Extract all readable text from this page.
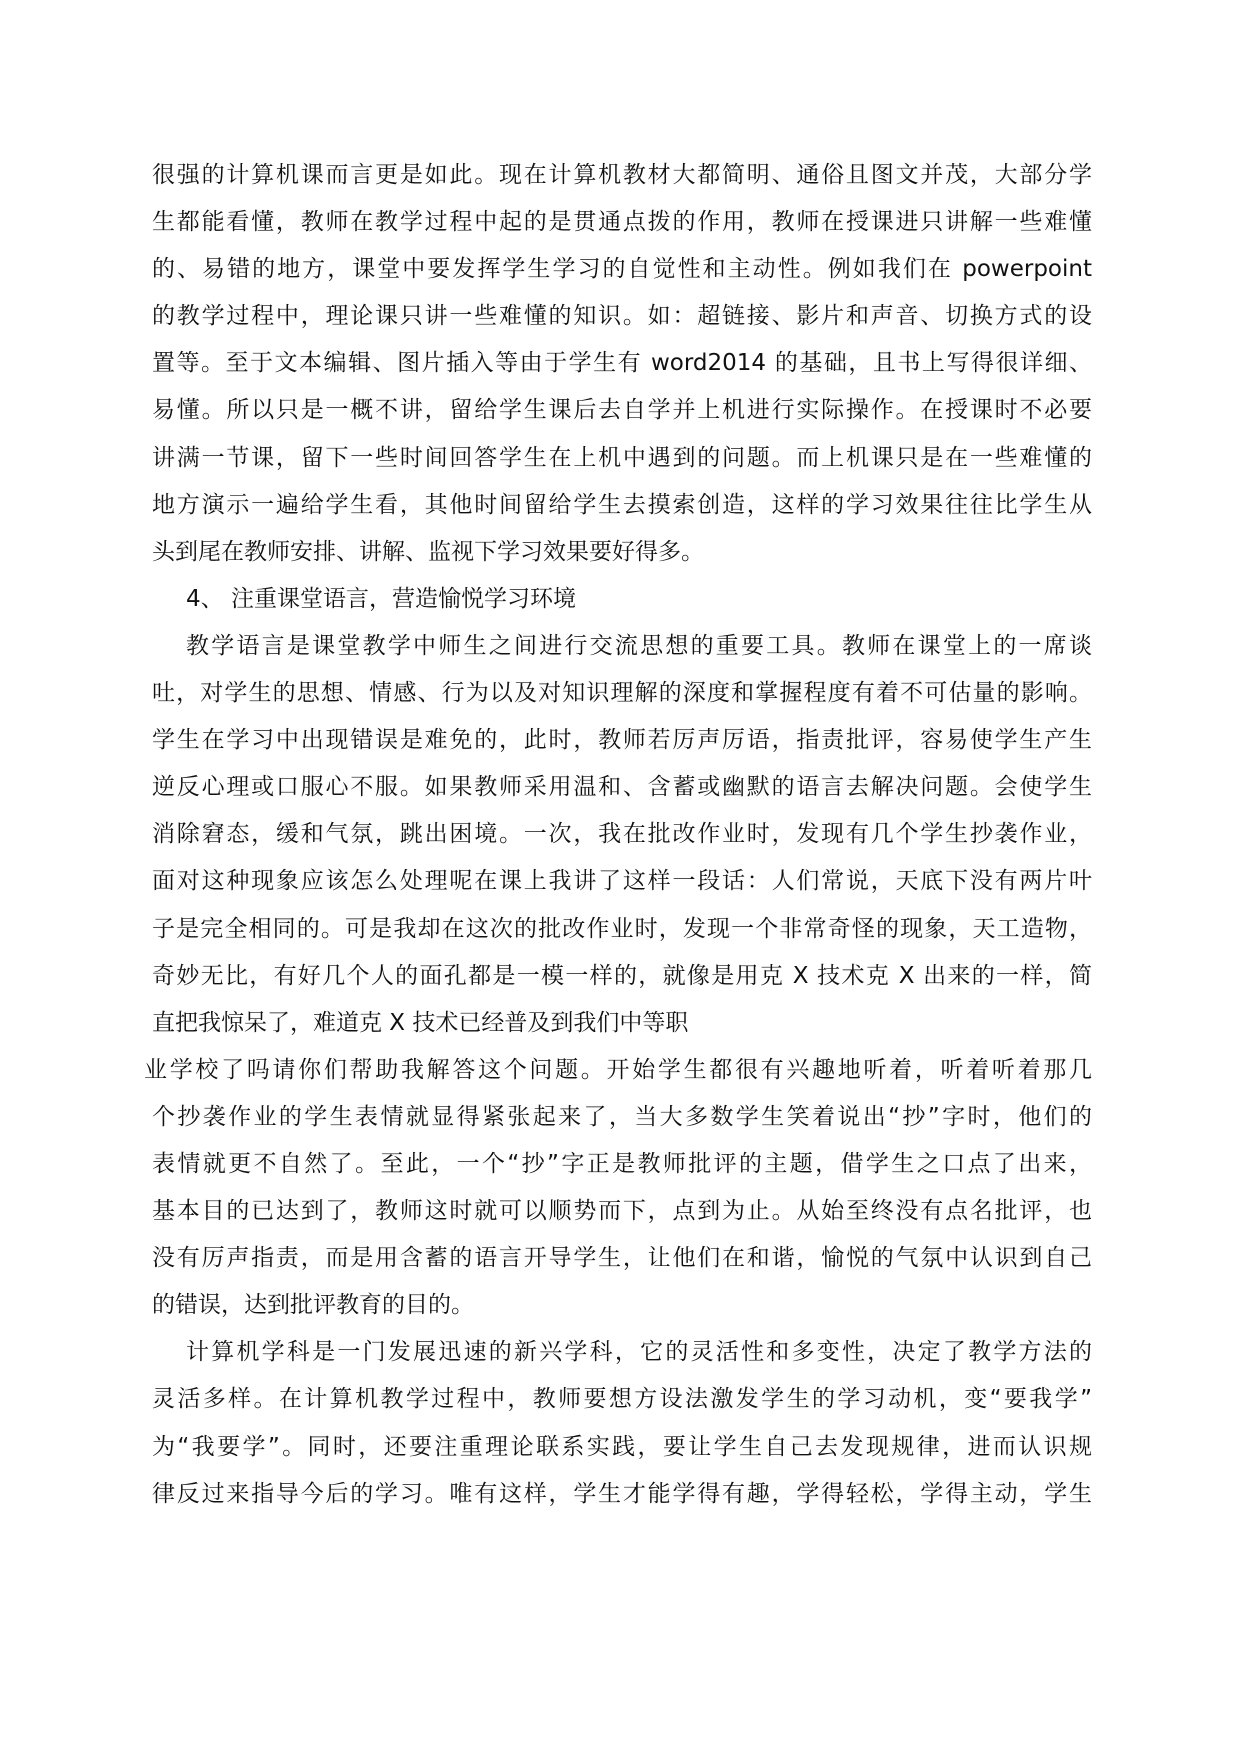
很强的计算机课而言更是如此。现在计算机教材大都简明、通俗且图文并茂，大部分学
生都能看懂，教师在教学过程中起的是贯通点拨的作用，教师在授课进只讲解一些难懂
的、易错的地方，课堂中要发挥学生学习的自觉性和主动性。例如我们在 powerpoint
的教学过程中，理论课只讲一些难懂的知识。如：超链接、影片和声音、切换方式的设
置等。至于文本编辑、图片插入等由于学生有 word2014 的基础，且书上写得很详细、
易懂。所以只是一概不讲，留给学生课后去自学并上机进行实际操作。在授课时不必要
讲满一节课，留下一些时间回答学生在上机中遇到的问题。而上机课只是在一些难懂的
地方演示一遍给学生看，其他时间留给学生去摸索创造，这样的学习效果往往比学生从
头到尾在教师安排、讲解、监视下学习效果要好得多。
4、 注重课堂语言，营造愉悦学习环境
教学语言是课堂教学中师生之间进行交流思想的重要工具。教师在课堂上的一席谈
吐，对学生的思想、情感、行为以及对知识理解的深度和掌握程度有着不可估量的影响。
学生在学习中出现错误是难免的，此时，教师若厉声厉语，指责批评，容易使学生产生
逆反心理或口服心不服。如果教师采用温和、含蓄或幽默的语言去解决问题。会使学生
消除窘态，缓和气氛，跳出困境。一次，我在批改作业时，发现有几个学生抄袭作业，
面对这种现象应该怎么处理呢在课上我讲了这样一段话：人们常说，天底下没有两片叶
子是完全相同的。可是我却在这次的批改作业时，发现一个非常奇怪的现象，天工造物，
奇妙无比，有好几个人的面孔都是一模一样的，就像是用克 X 技术克 X 出来的一样，简
直把我惊呆了，难道克 X 技术已经普及到我们中等职
业学校了吗请你们帮助我解答这个问题。开始学生都很有兴趣地听着，听着听着那几
个抄袭作业的学生表情就显得紧张起来了，当大多数学生笑着说出“抄”字时，他们的
表情就更不自然了。至此，一个“抄”字正是教师批评的主题，借学生之口点了出来，
基本目的已达到了，教师这时就可以顺势而下，点到为止。从始至终没有点名批评，也
没有厉声指责，而是用含蓄的语言开导学生，让他们在和谐，愉悦的气氛中认识到自己
的错误，达到批评教育的目的。
计算机学科是一门发展迅速的新兴学科，它的灵活性和多变性，决定了教学方法的
灵活多样。在计算机教学过程中，教师要想方设法激发学生的学习动机，变“要我学”
为“我要学”。同时，还要注重理论联系实践，要让学生自己去发现规律，进而认识规
律反过来指导今后的学习。唯有这样，学生才能学得有趣，学得轻松，学得主动，学生
